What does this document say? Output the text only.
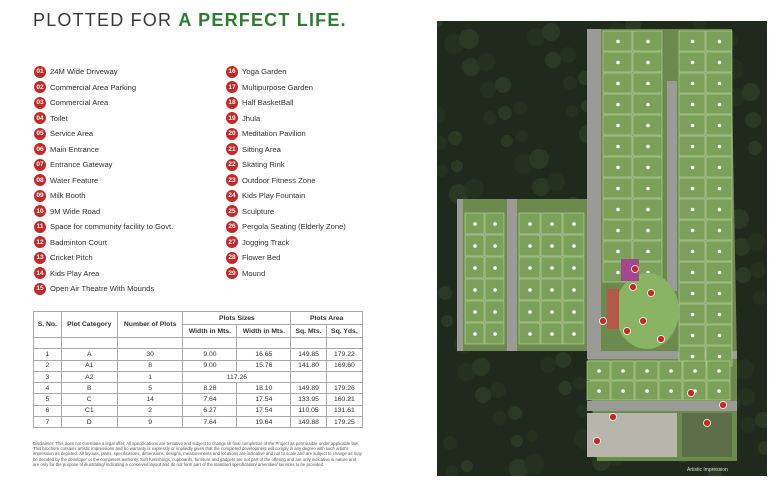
PLOTTED FOR A PERFECT LIFE.
01 24M Wide Driveway
02 Commercial Area Parking
03 Commercial Area
04 Toilet
05 Service Area
06 Main Entrance
07 Entrance Gateway
08 Water Feature
09 Milk Booth
10 9M Wide Road
11 Space for community facility to Govt.
12 Badminton Court
13 Cricket Pitch
14 Kids Play Area
15 Open Air Theatre With Mounds
16 Yoga Garden
17 Multipurpose Garden
18 Half BasketBall
19 Jhula
20 Meditation Pavilion
21 Sitting Area
22 Skating Rink
23 Outdoor Fitness Zone
24 Kids Play Fountain
25 Sculpture
26 Pergola Seating (Elderly Zone)
27 Jogging Track
28 Flower Bed
29 Mound
S. No.	Plot Category	Number of Plots	Plots Sizes		Plots Area	
			Width in Mts.	Width in Mts.	Sq. Mts.	Sq. Yds.

1	A	30	9.00	16.65	149.85	179.22
2	A1	8	9.00	15.76	141.80	169.60
3	A2	1	117.26			
4	B	5	8.28	18.10	149.89	179.26
5	C	14	7.64	17.54	133.95	160.21
6	C1	2	6.27	17.54	110.05	131.61
7	D	9	7.64	19.64	149.88	179.25
Disclaimer: This does not constitute a legal offer. All specifications are tentative and subject to change till final completion of the Project as permissible under applicable law. This brochure contains artistic impressions and no warranty is expressly or impliedly given that the completed development will comply in any degree with such artist's impression as depicted. All layouts, plans, specifications, dimensions, designs, measurements and locations are indicative and not to scale and are subject to change as may be decided by the developer or the competent authority. Soft furnishings, cupboards, furniture and gadgets are not part of the offering and are only indicative in nature and are only for the purpose of illustrating/ indicating a conceived layout and do not form part of the standard specification/ amenities/ services to be provided.
Artistic Impression
